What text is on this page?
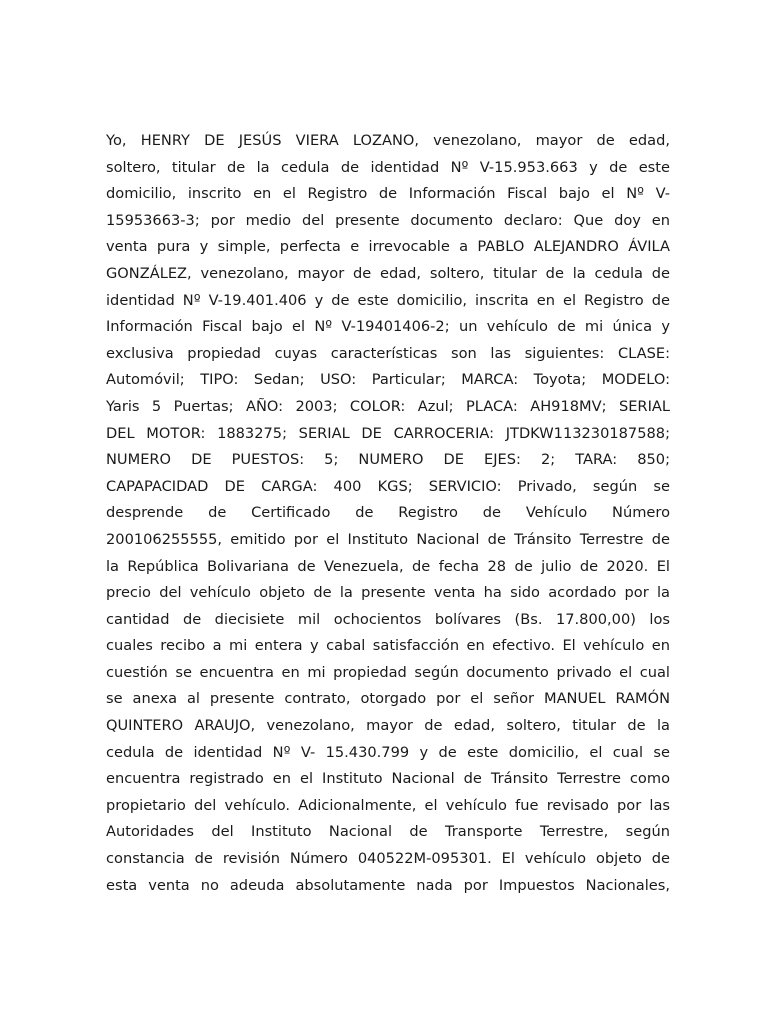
Yo, HENRY DE JESÚS VIERA LOZANO, venezolano, mayor de edad,
soltero, titular de la cedula de identidad Nº V-15.953.663 y de este
domicilio, inscrito en el Registro de Información Fiscal bajo el Nº V-
15953663-3; por medio del presente documento declaro: Que doy en
venta pura y simple, perfecta e irrevocable a PABLO ALEJANDRO ÁVILA
GONZÁLEZ, venezolano, mayor de edad, soltero, titular de la cedula de
identidad Nº V-19.401.406 y de este domicilio, inscrita en el Registro de
Información Fiscal bajo el Nº V-19401406-2; un vehículo de mi única y
exclusiva propiedad cuyas características son las siguientes: CLASE:
Automóvil; TIPO: Sedan; USO: Particular; MARCA: Toyota; MODELO:
Yaris 5 Puertas; AÑO: 2003; COLOR: Azul; PLACA: AH918MV; SERIAL
DEL MOTOR: 1883275; SERIAL DE CARROCERIA: JTDKW113230187588;
NUMERO DE PUESTOS: 5; NUMERO DE EJES: 2; TARA: 850;
CAPAPACIDAD DE CARGA: 400 KGS; SERVICIO: Privado, según se
desprende de Certificado de Registro de Vehículo Número
200106255555, emitido por el Instituto Nacional de Tránsito Terrestre de
la República Bolivariana de Venezuela, de fecha 28 de julio de 2020. El
precio del vehículo objeto de la presente venta ha sido acordado por la
cantidad de diecisiete mil ochocientos bolívares (Bs. 17.800,00) los
cuales recibo a mi entera y cabal satisfacción en efectivo. El vehículo en
cuestión se encuentra en mi propiedad según documento privado el cual
se anexa al presente contrato, otorgado por el señor MANUEL RAMÓN
QUINTERO ARAUJO, venezolano, mayor de edad, soltero, titular de la
cedula de identidad Nº V- 15.430.799 y de este domicilio, el cual se
encuentra registrado en el Instituto Nacional de Tránsito Terrestre como
propietario del vehículo. Adicionalmente, el vehículo fue revisado por las
Autoridades del Instituto Nacional de Transporte Terrestre, según
constancia de revisión Número 040522M-095301. El vehículo objeto de
esta venta no adeuda absolutamente nada por Impuestos Nacionales,
